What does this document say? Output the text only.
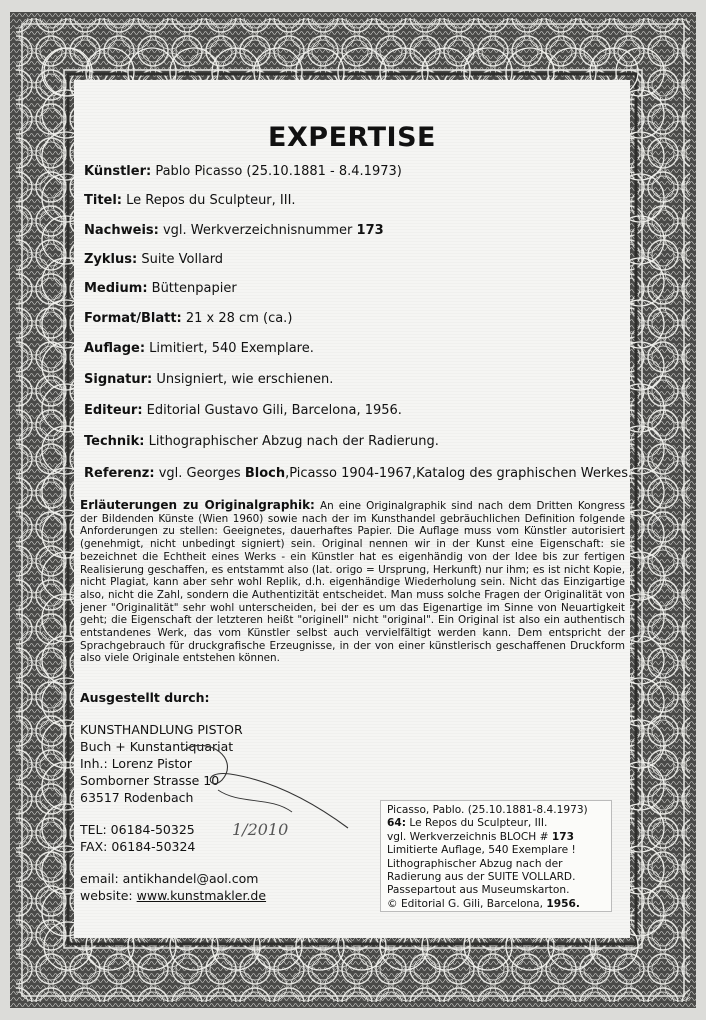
EXPERTISE
Künstler: Pablo Picasso (25.10.1881 - 8.4.1973)
Titel: Le Repos du Sculpteur, III.
Nachweis: vgl. Werkverzeichnisnummer 173
Zyklus: Suite Vollard
Medium: Büttenpapier
Format/Blatt: 21 x 28 cm (ca.)
Auflage: Limitiert, 540 Exemplare.
Signatur: Unsigniert, wie erschienen.
Editeur: Editorial Gustavo Gili, Barcelona, 1956.
Technik: Lithographischer Abzug nach der Radierung.
Referenz: vgl. Georges Bloch,Picasso 1904-1967,Katalog des graphischen Werkes.
Erläuterungen zu Originalgraphik: An eine Originalgraphik sind nach dem Dritten Kongress der Bildenden Künste (Wien 1960) sowie nach der im Kunsthandel gebräuchlichen Definition folgende Anforderungen zu stellen: Geeignetes, dauerhaftes Papier. Die Auflage muss vom Künstler autorisiert (genehmigt, nicht unbedingt signiert) sein. Original nennen wir in der Kunst eine Eigenschaft: sie bezeichnet die Echtheit eines Werks - ein Künstler hat es eigenhändig von der Idee bis zur fertigen Realisierung geschaffen, es entstammt also (lat. origo = Ursprung, Herkunft) nur ihm; es ist nicht Kopie, nicht Plagiat, kann aber sehr wohl Replik, d.h. eigenhändige Wiederholung sein. Nicht das Einzigartige also, nicht die Zahl, sondern die Authentizität entscheidet. Man muss solche Fragen der Originalität von jener "Originalität" sehr wohl unterscheiden, bei der es um das Eigenartige im Sinne von Neuartigkeit geht; die Eigenschaft der letzteren heißt "originell" nicht "original". Ein Original ist also ein authentisch entstandenes Werk, das vom Künstler selbst auch vervielfältigt werden kann. Dem entspricht der Sprachgebrauch für druckgrafische Erzeugnisse, in der von einer künstlerisch geschaffenen Druckform also viele Originale entstehen können.
Ausgestellt durch:
KUNSTHANDLUNG PISTOR
Buch + Kunstantiquariat
Inh.: Lorenz Pistor
Somborner Strasse 10
63517 Rodenbach
TEL: 06184-50325
FAX: 06184-50324
email: antikhandel@aol.com
website: www.kunstmakler.de
1/2010
Picasso, Pablo. (25.10.1881-8.4.1973)
64: Le Repos du Sculpteur, III.
vgl. Werkverzeichnis BLOCH # 173
Limitierte Auflage, 540 Exemplare !
Lithographischer Abzug nach der
Radierung aus der SUITE VOLLARD.
Passepartout aus Museumskarton.
© Editorial G. Gili, Barcelona, 1956.
